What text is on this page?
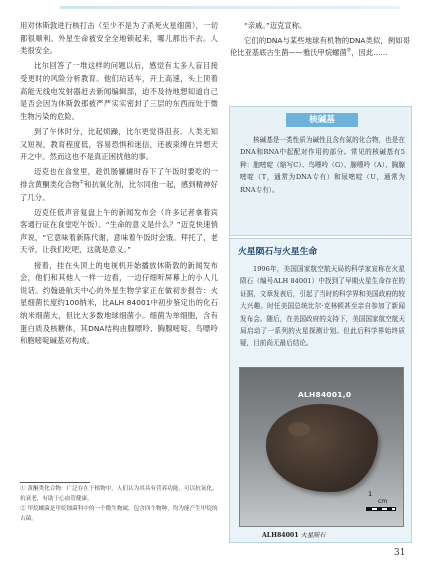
用对休斯敦进行核打击（至少不是为了杀死火星细菌），一切都很顺利。外星生命被安全全地锁起来，哪儿都出不去。人类很安全。

比尔回答了一堆这样的问题以后，感觉有太多人盲目接受更时的风险分析教育。他们玷话车，开上高速，头上顶着高能无线电发射器赶去新闻编辑部，迫不及待地想知道自己是否会因为休斯敦那被严严实实密封了三层的东西而处于微生物污染的危险。

到了午休时分，比起烦躁，比尔更觉得沮丧。人类无知又短视，教育程度低，容易恐惧和迷信，还被束缚在异想天开之中。然而这也不是真正困扰他的事。

迈克也在食堂里，趁饥肠辘辘时吞下了午饭时要吃的一排含黄酮类化合物①和抗氧化剂，比尔同他一起，感到精神好了几分。

迈克任低声音复盘上午的新闻发布会（许多记者拿着宾客通行证在食堂吃午饭）。“生命的意义是什么？”迈克快速悄声说，“它意味着新陈代谢，意味着午饭时会饿。拜托了，老天爷，让我们吃吧，这就是意义。”

接着，挂在头顶上的电视机开始播放休斯敦的新闻发布会，他们和其他人一样一边看，一边仔细听屏幕上的小人儿说话。约翰逊航天中心的外星生物学家正在做初步报告：火星细菌长度约100纳米，比ALH 84001中初步鉴定出的化石纳米细菌大，但比大多数地球细菌小。细菌为单细胞，含有蛋白质及核糖体，其DNA结构由腺嘌呤、胸腺嘧啶、鸟嘌呤和胞嘧啶碱基对构成。

“亲戚。”迈克宣称。

它们的DNA与某些地球有机物的DNA类似，例如哥伦比亚基底古生菌——雅氏甲烷螺菌②，因此……

核碱基
核碱基是一类性质为碱性且含有氮的化合物，也是在DNA和RNA中起配对作用的部分。常见的核碱基有5种：胞嘧啶（缩写C）、鸟嘌呤（G）、腺嘌呤（A）、胸腺嘧啶（T，通常为DNA专有）和尿嘧啶（U，通常为RNA专有）。
火星陨石与火星生命
1996年，美国国家航空航天局的科学家宣称在火星陨石（编号ALH 84001）中找到了早期火星生命存在的证据，文章发表后，引起了当时的科学界和美国政府的较大兴趣。时任美国总统比尔·克林顿甚至亲自参加了新闻发布会。随后，在美国政府的支持下，美国国家航空航天局启动了一系列的火星探测计划。但此后科学界始终质疑，目前尚无最后结论。
ALH84001,0
1
cm
ALH84001 火星陨石

① 黄酮类化合物：广泛存在于植物中，人们认为其具有营养功能，可以抗氧化、抗衰老，有助于心血管健康。

② 甲烷螺菌是甲烷细菌科中的一个微生物属，包含四个物种，均为能产生甲烷的古菌。

31
